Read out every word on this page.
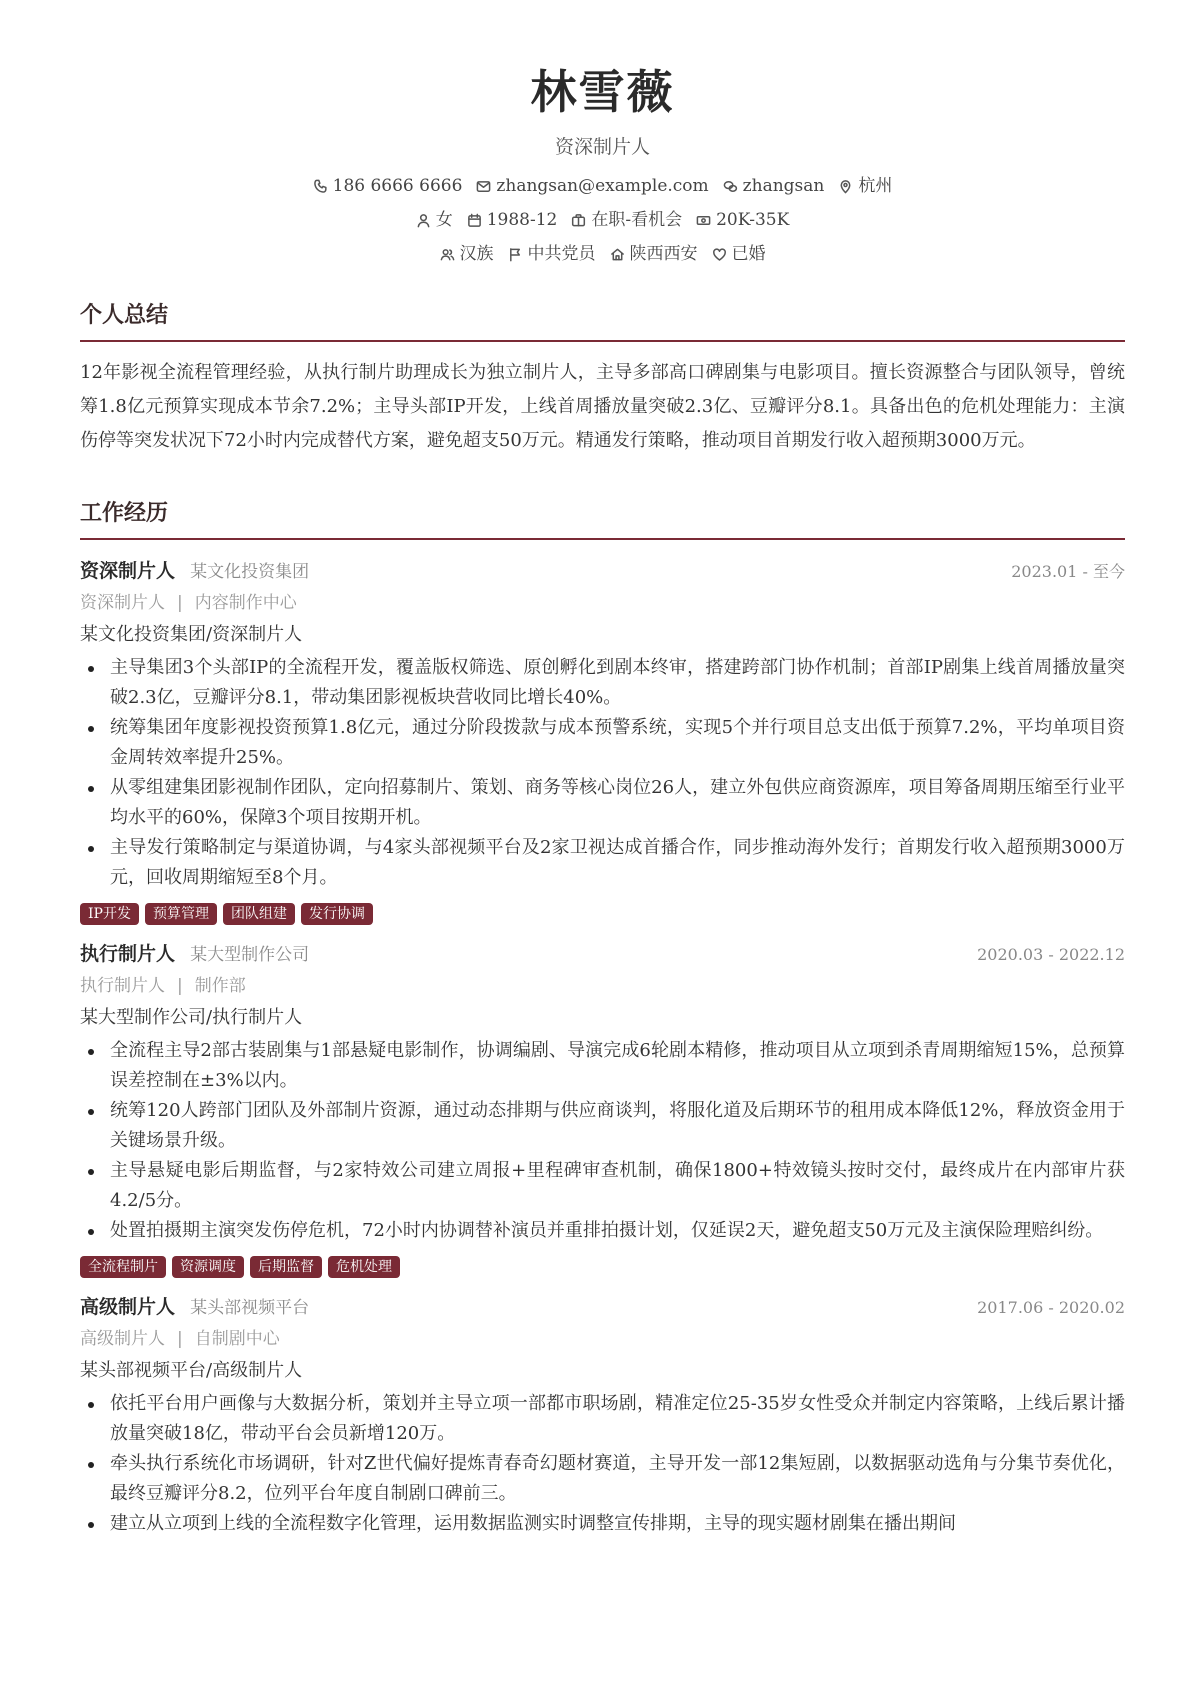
林雪薇
资深制片人
186 6666 6666 zhangsan@example.com zhangsan 杭州
女 1988-12 在职-看机会 20K-35K
汉族 中共党员 陕西西安 已婚
个人总结
12年影视全流程管理经验，从执行制片助理成长为独立制片人，主导多部高口碑剧集与电影项目。擅长资源整合与团队领导，曾统筹1.8亿元预算实现成本节余7.2%；主导头部IP开发，上线首周播放量突破2.3亿、豆瓣评分8.1。具备出色的危机处理能力：主演伤停等突发状况下72小时内完成替代方案，避免超支50万元。精通发行策略，推动项目首期发行收入超预期3000万元。
工作经历
资深制片人 某文化投资集团	2023.01 - 至今
资深制片人 | 内容制作中心
某文化投资集团/资深制片人
主导集团3个头部IP的全流程开发，覆盖版权筛选、原创孵化到剧本终审，搭建跨部门协作机制；首部IP剧集上线首周播放量突破2.3亿，豆瓣评分8.1，带动集团影视板块营收同比增长40%。
统筹集团年度影视投资预算1.8亿元，通过分阶段拨款与成本预警系统，实现5个并行项目总支出低于预算7.2%，平均单项目资金周转效率提升25%。
从零组建集团影视制作团队，定向招募制片、策划、商务等核心岗位26人，建立外包供应商资源库，项目筹备周期压缩至行业平均水平的60%，保障3个项目按期开机。
主导发行策略制定与渠道协调，与4家头部视频平台及2家卫视达成首播合作，同步推动海外发行；首期发行收入超预期3000万元，回收周期缩短至8个月。
IP开发	预算管理	团队组建	发行协调
执行制片人 某大型制作公司	2020.03 - 2022.12
执行制片人 | 制作部
某大型制作公司/执行制片人
全流程主导2部古装剧集与1部悬疑电影制作，协调编剧、导演完成6轮剧本精修，推动项目从立项到杀青周期缩短15%，总预算误差控制在±3%以内。
统筹120人跨部门团队及外部制片资源，通过动态排期与供应商谈判，将服化道及后期环节的租用成本降低12%，释放资金用于关键场景升级。
主导悬疑电影后期监督，与2家特效公司建立周报+里程碑审查机制，确保1800+特效镜头按时交付，最终成片在内部审片获4.2/5分。
处置拍摄期主演突发伤停危机，72小时内协调替补演员并重排拍摄计划，仅延误2天，避免超支50万元及主演保险理赔纠纷。
全流程制片	资源调度	后期监督	危机处理
高级制片人 某头部视频平台	2017.06 - 2020.02
高级制片人 | 自制剧中心
某头部视频平台/高级制片人
依托平台用户画像与大数据分析，策划并主导立项一部都市职场剧，精准定位25-35岁女性受众并制定内容策略，上线后累计播放量突破18亿，带动平台会员新增120万。
牵头执行系统化市场调研，针对Z世代偏好提炼青春奇幻题材赛道，主导开发一部12集短剧，以数据驱动选角与分集节奏优化，最终豆瓣评分8.2，位列平台年度自制剧口碑前三。
建立从立项到上线的全流程数字化管理，运用数据监测实时调整宣传排期，主导的现实题材剧集在播出期间
